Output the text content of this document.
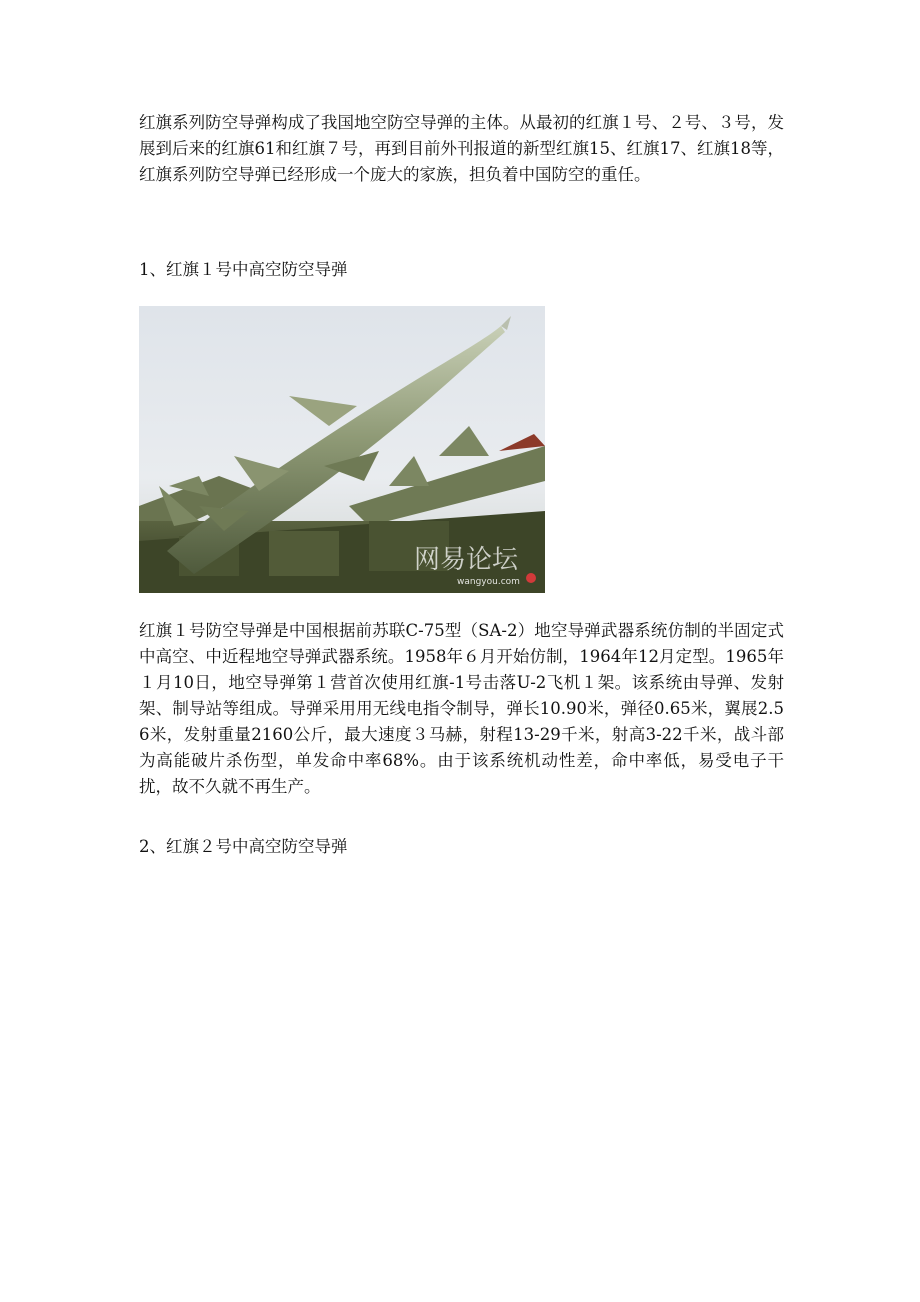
红旗系列防空导弹构成了我国地空防空导弹的主体。从最初的红旗１号、２号、３号，发展到后来的红旗61和红旗７号，再到目前外刊报道的新型红旗15、红旗17、红旗18等，红旗系列防空导弹已经形成一个庞大的家族，担负着中国防空的重任。

1、红旗１号中高空防空导弹

网易论坛
wangyou.com

红旗１号防空导弹是中国根据前苏联C-75型（SA-2）地空导弹武器系统仿制的半固定式中高空、中近程地空导弹武器系统。1958年６月开始仿制，1964年12月定型。1965年１月10日，地空导弹第１营首次使用红旗-1号击落U-2飞机１架。该系统由导弹、发射架、制导站等组成。导弹采用用无线电指令制导，弹长10.90米，弹径0.65米，翼展2.56米，发射重量2160公斤，最大速度３马赫，射程13-29千米，射高3-22千米，战斗部为高能破片杀伤型，单发命中率68%。由于该系统机动性差，命中率低，易受电子干扰，故不久就不再生产。

2、红旗２号中高空防空导弹
